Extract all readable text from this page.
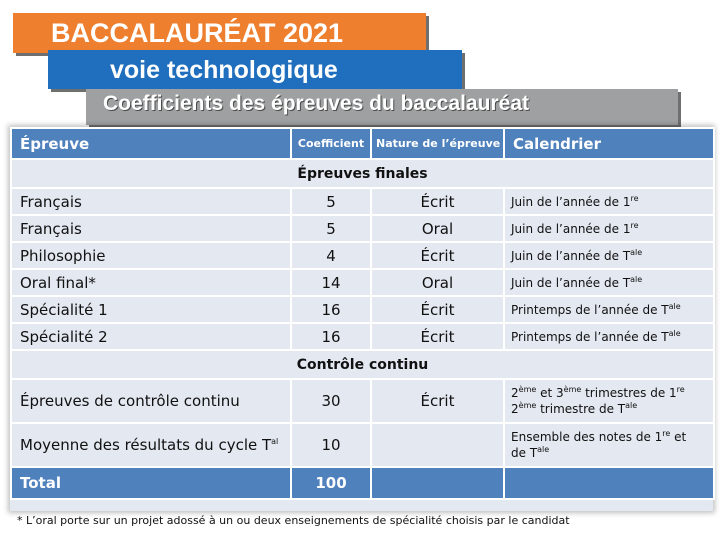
BACCALAURÉAT 2021
voie technologique
Coefficients des épreuves du baccalauréat
Épreuve	Coefficient	Nature de l’épreuve	Calendrier
Épreuves finales			
Français	5	Écrit	Juin de l’année de 1re
Français	5	Oral	Juin de l’année de 1re
Philosophie	4	Écrit	Juin de l’année de $T^{ale}$
Oral final*	14	Oral	Juin de l’année de $T^{ale}$
Spécialité 1	16	Écrit	Printemps de l’année de $T^{ale}$
Spécialité 2	16	Écrit	Printemps de l’année de $T^{ale}$
Contrôle continu			
Épreuves de contrôle continu	30	Écrit	2ème et 3ème trimestres de 1re
2ème trimestre de $T^{ale}$
Moyenne des résultats du cycle $T^{al}$	10		Ensemble des notes de 1re et
de $T^{ale}$
Total	100		
* L’oral porte sur un projet adossé à un ou deux enseignements de spécialité choisis par le candidat
